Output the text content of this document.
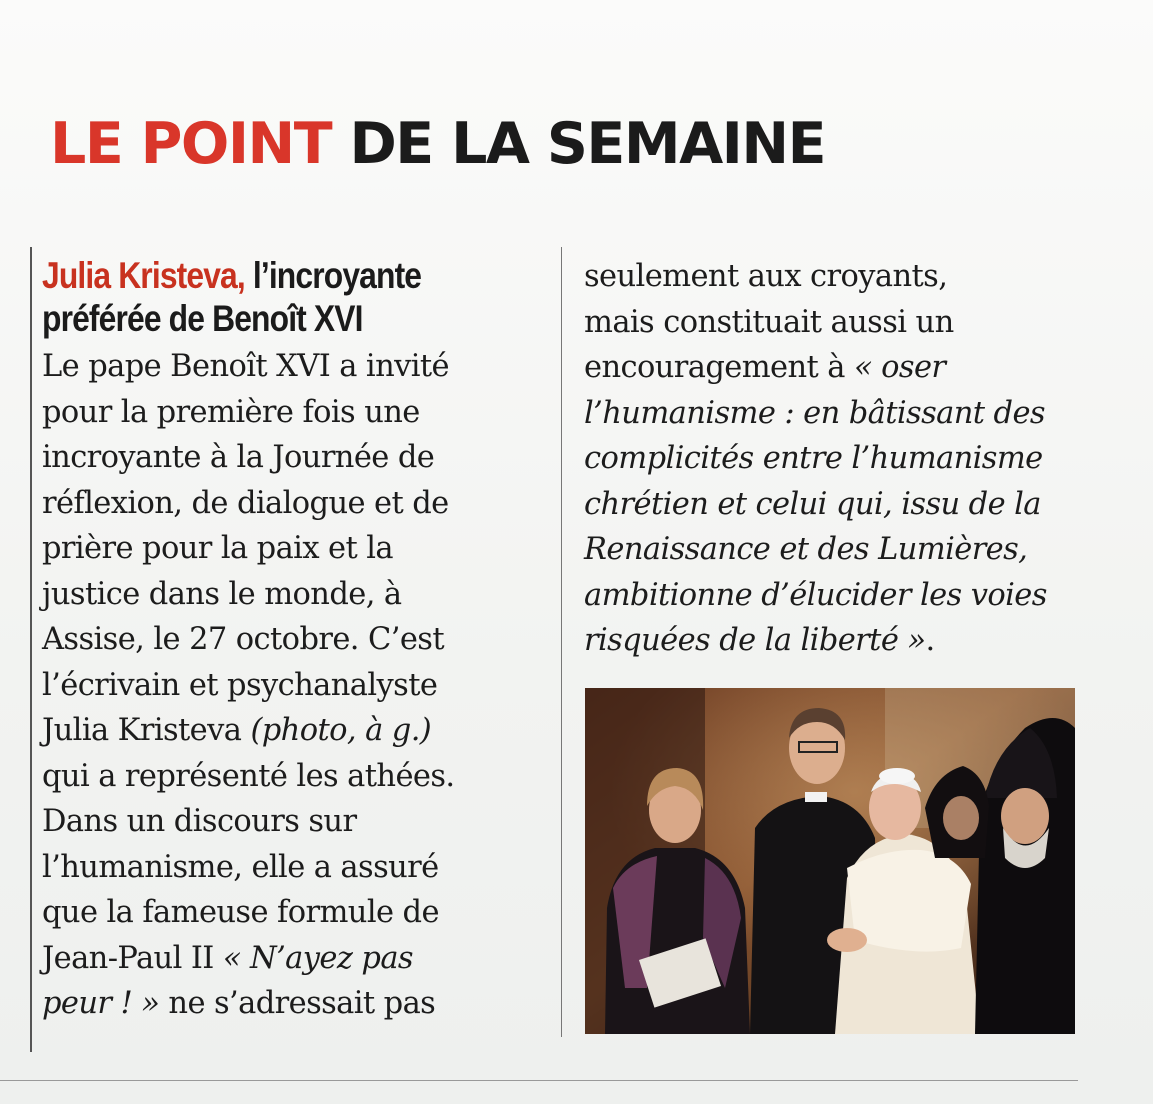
LE POINT DE LA SEMAINE
Julia Kristeva, l’incroyante
préférée de Benoît XVI
Le pape Benoît XVI a invité
pour la première fois une
incroyante à la Journée de
réflexion, de dialogue et de
prière pour la paix et la
justice dans le monde, à
Assise, le 27 octobre. C’est
l’écrivain et psychanalyste
Julia Kristeva (photo, à g.)
qui a représenté les athées.
Dans un discours sur
l’humanisme, elle a assuré
que la fameuse formule de
Jean-Paul II « N’ayez pas
peur ! » ne s’adressait pas
seulement aux croyants,
mais constituait aussi un
encouragement à « oser
l’humanisme : en bâtissant des
complicités entre l’humanisme
chrétien et celui qui, issu de la
Renaissance et des Lumières,
ambitionne d’élucider les voies
risquées de la liberté ».
